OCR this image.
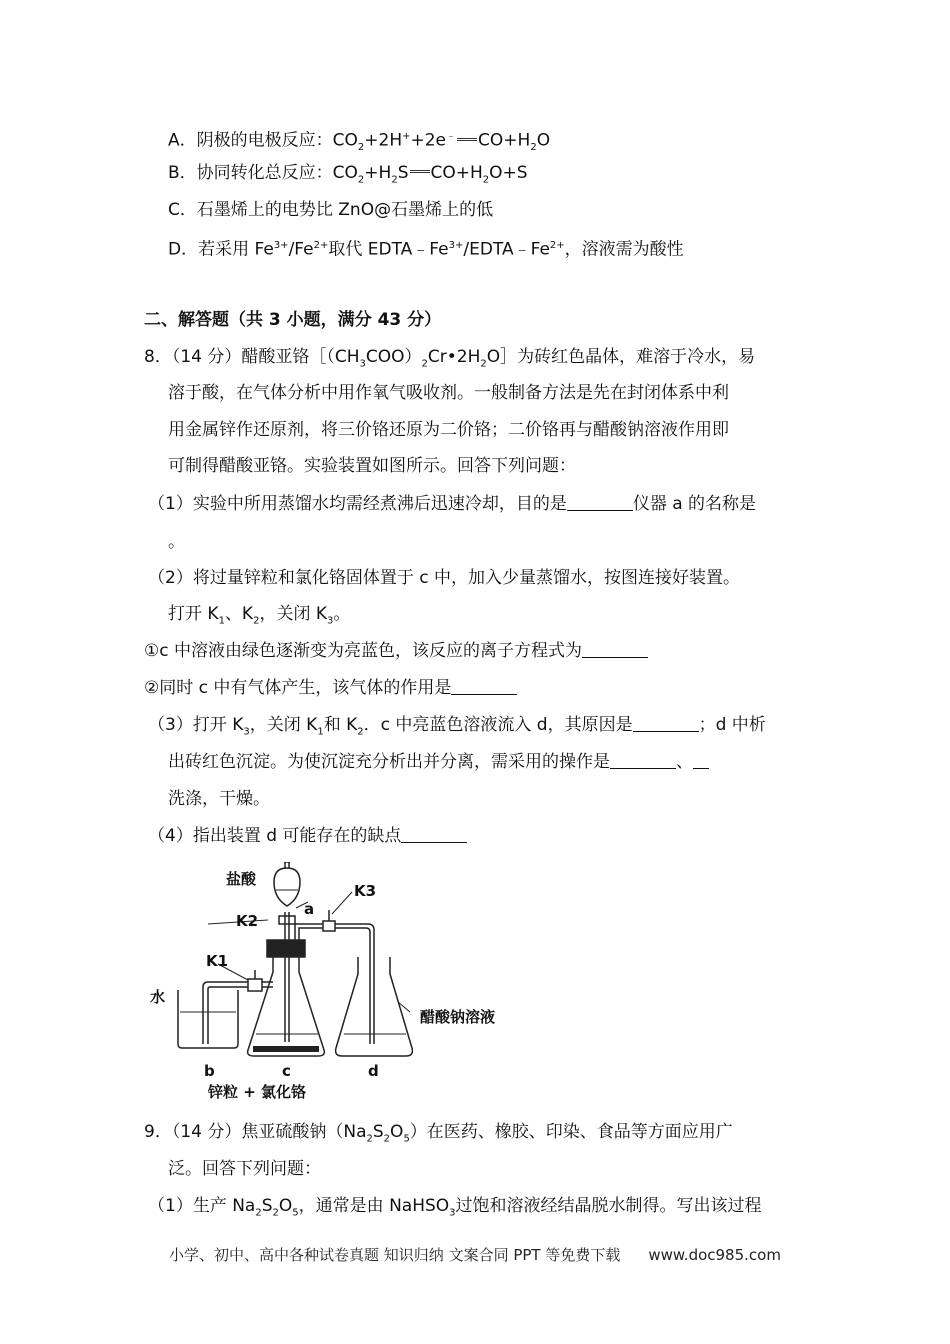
A．阴极的电极反应：$CO_2+2H^++2e^﹣$ $CO+H_2O$
B．协同转化总反应：$CO_2+H_2S$ $CO+H_2O+S$
C．石墨烯上的电势比 ZnO@石墨烯上的低
D．若采用 $Fe^{3+}/Fe^{2+}$取代 $EDTA﹣Fe^{3+}/EDTA﹣Fe^{2+}$，溶液需为酸性
二、解答题（共 3 小题，满分 43 分）
8．（14 分）醋酸亚铬$[(CH_3COO)_2Cr•2H_2O]$为砖红色晶体，难溶于冷水，易
溶于酸，在气体分析中用作氧气吸收剂。一般制备方法是先在封闭体系中利
用金属锌作还原剂，将三价铬还原为二价铬；二价铬再与醋酸钠溶液作用即
可制得醋酸亚铬。实验装置如图所示。回答下列问题：
（1）实验中所用蒸馏水均需经煮沸后迅速冷却，目的是	仪器 a 的名称是
。
（2）将过量锌粒和氯化铬固体置于 c 中，加入少量蒸馏水，按图连接好装置。
打开 $K_1$、$K_2$，关闭 $K_3$。
①c 中溶液由绿色逐渐变为亮蓝色，该反应的离子方程式为
②同时 c 中有气体产生，该气体的作用是
（3）打开 $K_3$，关闭 $K_1$和 $K_2$．c 中亮蓝色溶液流入 d，其原因是	；d 中析
出砖红色沉淀。为使沉淀充分析出并分离，需采用的操作是	、
洗涤，干燥。
（4）指出装置 d 可能存在的缺点
盐酸
a
K3
K2
K1
水
醋酸钠溶液
b	c	d
锌粒 + 氯化铬
9．（14 分）焦亚硫酸钠$(Na_2S_2O_5)$在医药、橡胶、印染、食品等方面应用广
泛。回答下列问题：
（1）生产 $Na_2S_2O_5$，通常是由 NaHSO$_3$过饱和溶液经结晶脱水制得。写出该过程
小学、初中、高中各种试卷真题 知识归纳 文案合同 PPT 等免费下载 www.doc985.com
